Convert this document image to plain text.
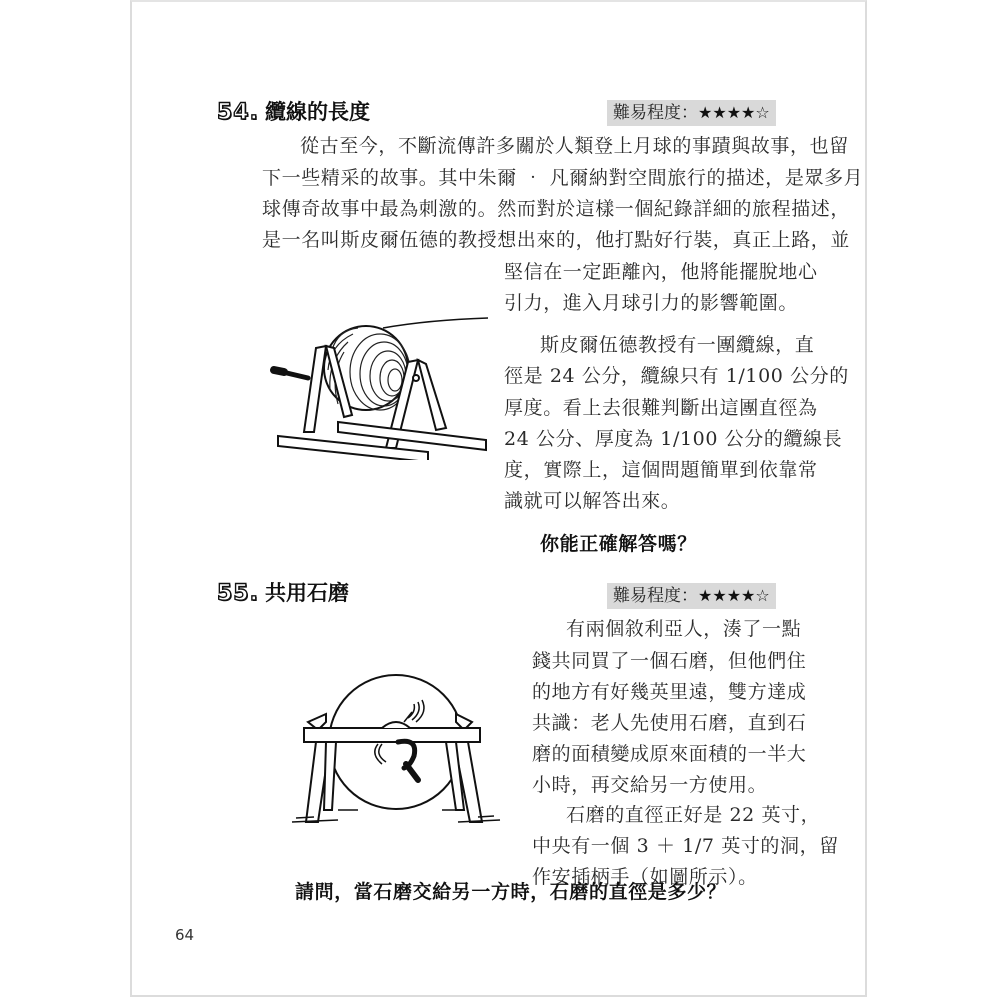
54. 纜線的長度	難易程度：★★★★☆
從古至今，不斷流傳許多關於人類登上月球的事蹟與故事，也留
下一些精采的故事。其中朱爾 ‧ 凡爾納對空間旅行的描述，是眾多月
球傳奇故事中最為刺激的。然而對於這樣一個紀錄詳細的旅程描述，
是一名叫斯皮爾伍德的教授想出來的，他打點好行裝，真正上路，並
堅信在一定距離內，他將能擺脫地心
引力，進入月球引力的影響範圍。
斯皮爾伍德教授有一團纜線，直
徑是 24 公分，纜線只有 1/100 公分的
厚度。看上去很難判斷出這團直徑為
24 公分、厚度為 1/100 公分的纜線長
度，實際上，這個問題簡單到依靠常
識就可以解答出來。
你能正確解答嗎？
55. 共用石磨	難易程度：★★★★☆
有兩個敘利亞人，湊了一點
錢共同買了一個石磨，但他們住
的地方有好幾英里遠，雙方達成
共識：老人先使用石磨，直到石
磨的面積變成原來面積的一半大
小時，再交給另一方使用。
石磨的直徑正好是 22 英寸，
中央有一個 3 ＋ 1/7 英寸的洞，留
作安插柄手（如圖所示）。
請問，當石磨交給另一方時，石磨的直徑是多少？
64
